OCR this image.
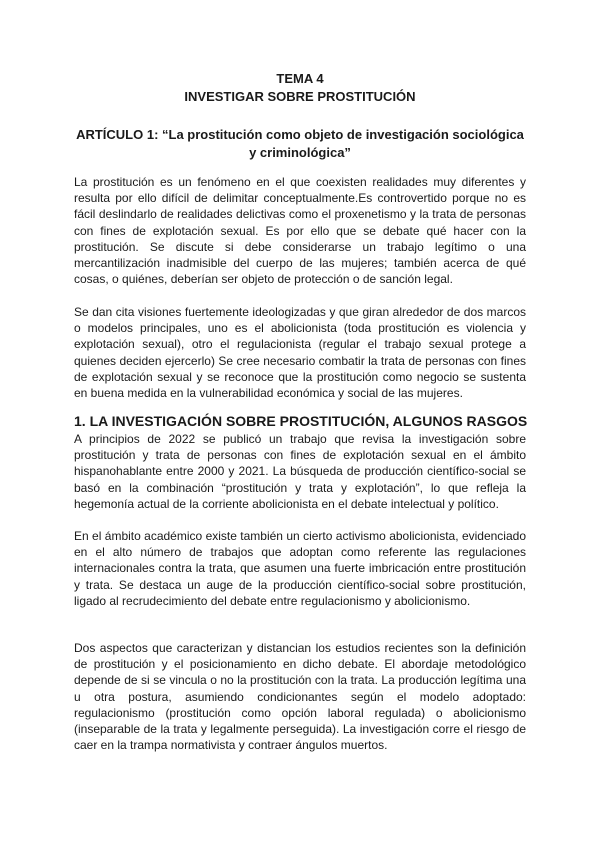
TEMA 4
INVESTIGAR SOBRE PROSTITUCIÓN
ARTÍCULO 1: “La prostitución como objeto de investigación sociológica y criminológica”

La prostitución es un fenómeno en el que coexisten realidades muy diferentes y resulta por ello difícil de delimitar conceptualmente.Es controvertido porque no es fácil deslindarlo de realidades delictivas como el proxenetismo y la trata de personas con fines de explotación sexual. Es por ello que se debate qué hacer con la prostitución. Se discute si debe considerarse un trabajo legítimo o una mercantilización inadmisible del cuerpo de las mujeres; también acerca de qué cosas, o quiénes, deberían ser objeto de protección o de sanción legal.

Se dan cita visiones fuertemente ideologizadas y que giran alrededor de dos marcos o modelos principales, uno es el abolicionista (toda prostitución es violencia y explotación sexual), otro el regulacionista (regular el trabajo sexual protege a quienes deciden ejercerlo) Se cree necesario combatir la trata de personas con fines de explotación sexual y se reconoce que la prostitución como negocio se sustenta en buena medida en la vulnerabilidad económica y social de las mujeres.

1. LA INVESTIGACIÓN SOBRE PROSTITUCIÓN, ALGUNOS RASGOS

A principios de 2022 se publicó un trabajo que revisa la investigación sobre prostitución y trata de personas con fines de explotación sexual en el ámbito hispanohablante entre 2000 y 2021. La búsqueda de producción científico-social se basó en la combinación “prostitución y trata y explotación”, lo que refleja la hegemonía actual de la corriente abolicionista en el debate intelectual y político.

En el ámbito académico existe también un cierto activismo abolicionista, evidenciado en el alto número de trabajos que adoptan como referente las regulaciones internacionales contra la trata, que asumen una fuerte imbricación entre prostitución y trata. Se destaca un auge de la producción científico-social sobre prostitución, ligado al recrudecimiento del debate entre regulacionismo y abolicionismo.

Dos aspectos que caracterizan y distancian los estudios recientes son la definición de prostitución y el posicionamiento en dicho debate. El abordaje metodológico depende de si se vincula o no la prostitución con la trata. La producción legítima una u otra postura, asumiendo condicionantes según el modelo adoptado: regulacionismo (prostitución como opción laboral regulada) o abolicionismo (inseparable de la trata y legalmente perseguida). La investigación corre el riesgo de caer en la trampa normativista y contraer ángulos muertos.
